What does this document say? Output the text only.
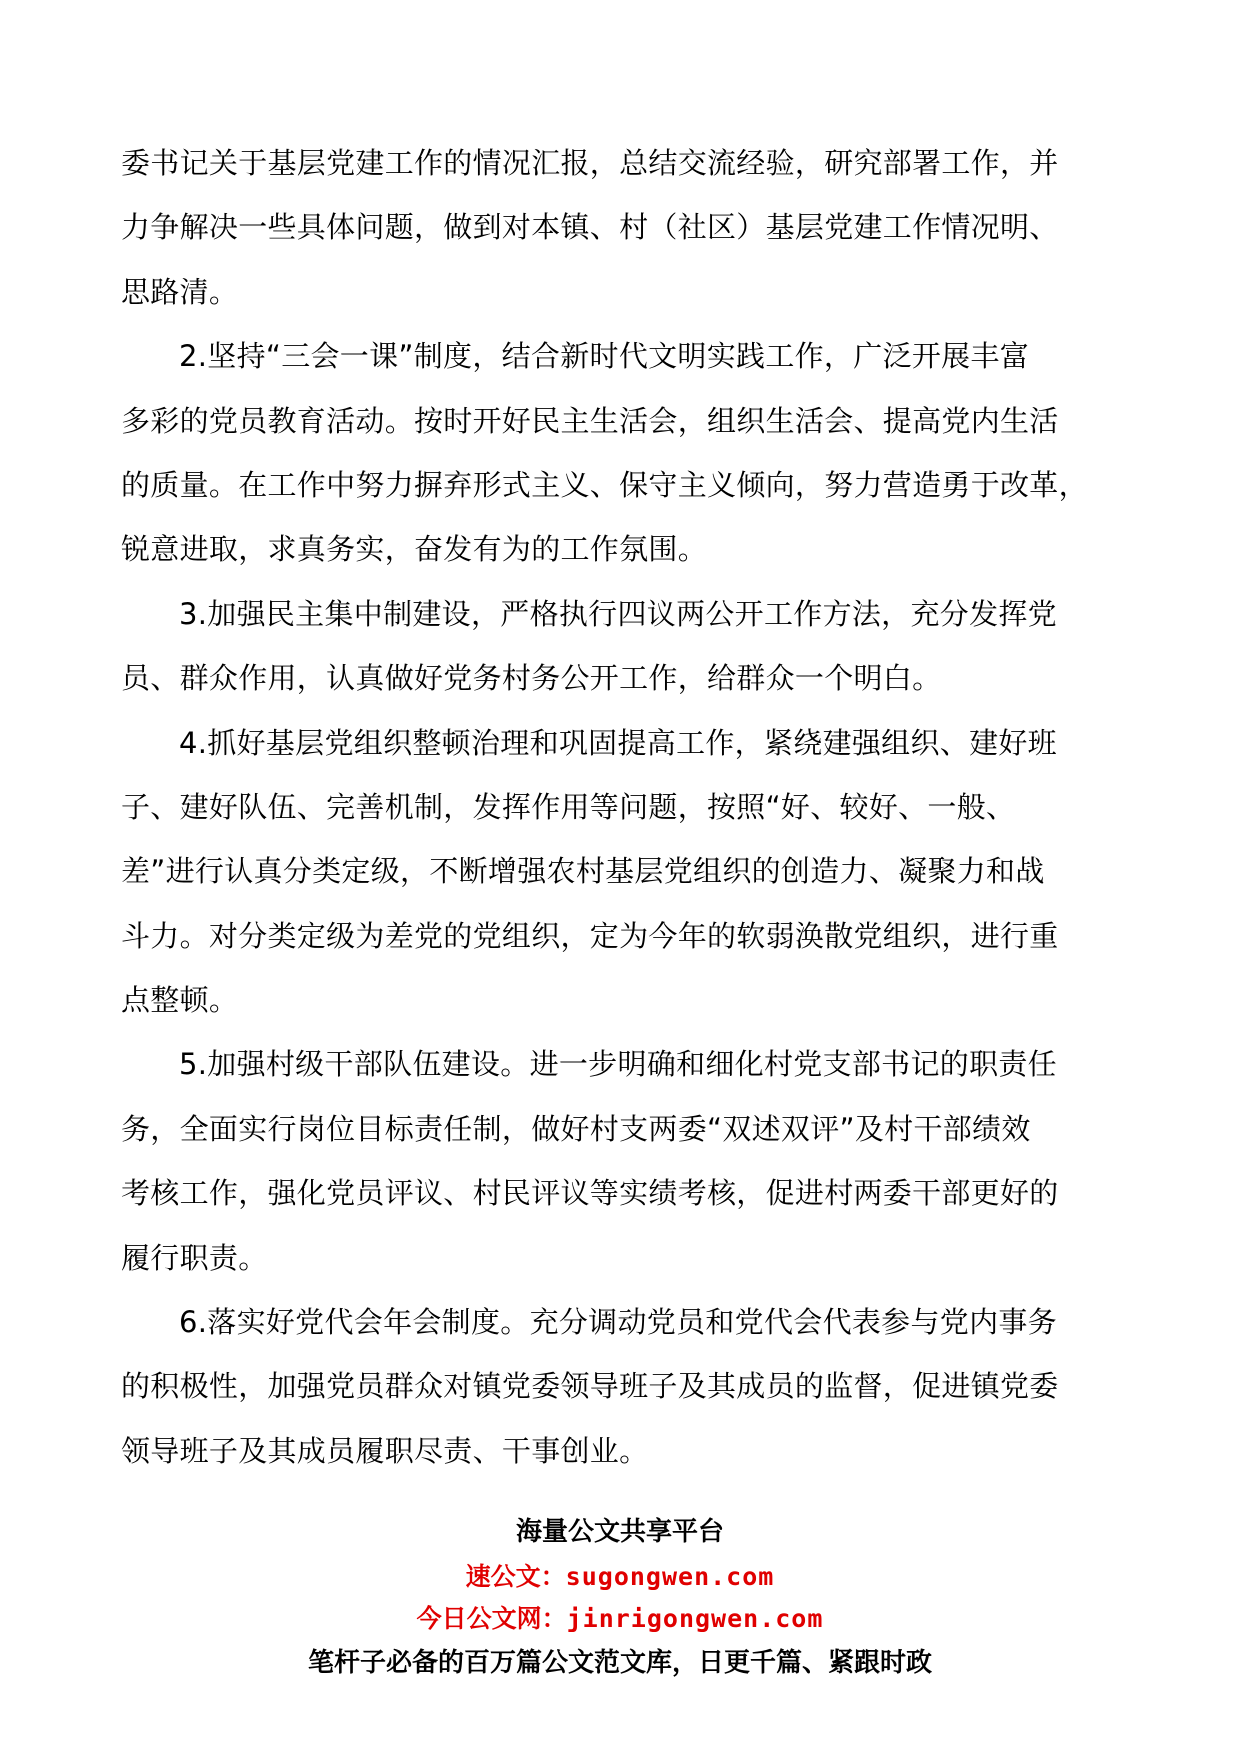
委书记关于基层党建工作的情况汇报，总结交流经验，研究部署工作，并
力争解决一些具体问题，做到对本镇、村（社区）基层党建工作情况明、
思路清。
2.坚持“三会一课”制度，结合新时代文明实践工作，广泛开展丰富
多彩的党员教育活动。按时开好民主生活会，组织生活会、提高党内生活
的质量。在工作中努力摒弃形式主义、保守主义倾向，努力营造勇于改革，
锐意进取，求真务实，奋发有为的工作氛围。
3.加强民主集中制建设，严格执行四议两公开工作方法，充分发挥党
员、群众作用，认真做好党务村务公开工作，给群众一个明白。
4.抓好基层党组织整顿治理和巩固提高工作，紧绕建强组织、建好班
子、建好队伍、完善机制，发挥作用等问题，按照“好、较好、一般、
差”进行认真分类定级，不断增强农村基层党组织的创造力、凝聚力和战
斗力。对分类定级为差党的党组织，定为今年的软弱涣散党组织，进行重
点整顿。
5.加强村级干部队伍建设。进一步明确和细化村党支部书记的职责任
务，全面实行岗位目标责任制，做好村支两委“双述双评”及村干部绩效
考核工作，强化党员评议、村民评议等实绩考核，促进村两委干部更好的
履行职责。
6.落实好党代会年会制度。充分调动党员和党代会代表参与党内事务
的积极性，加强党员群众对镇党委领导班子及其成员的监督，促进镇党委
领导班子及其成员履职尽责、干事创业。
海量公文共享平台
速公文：sugongwen.com
今日公文网：jinrigongwen.com
笔杆子必备的百万篇公文范文库，日更千篇、紧跟时政
